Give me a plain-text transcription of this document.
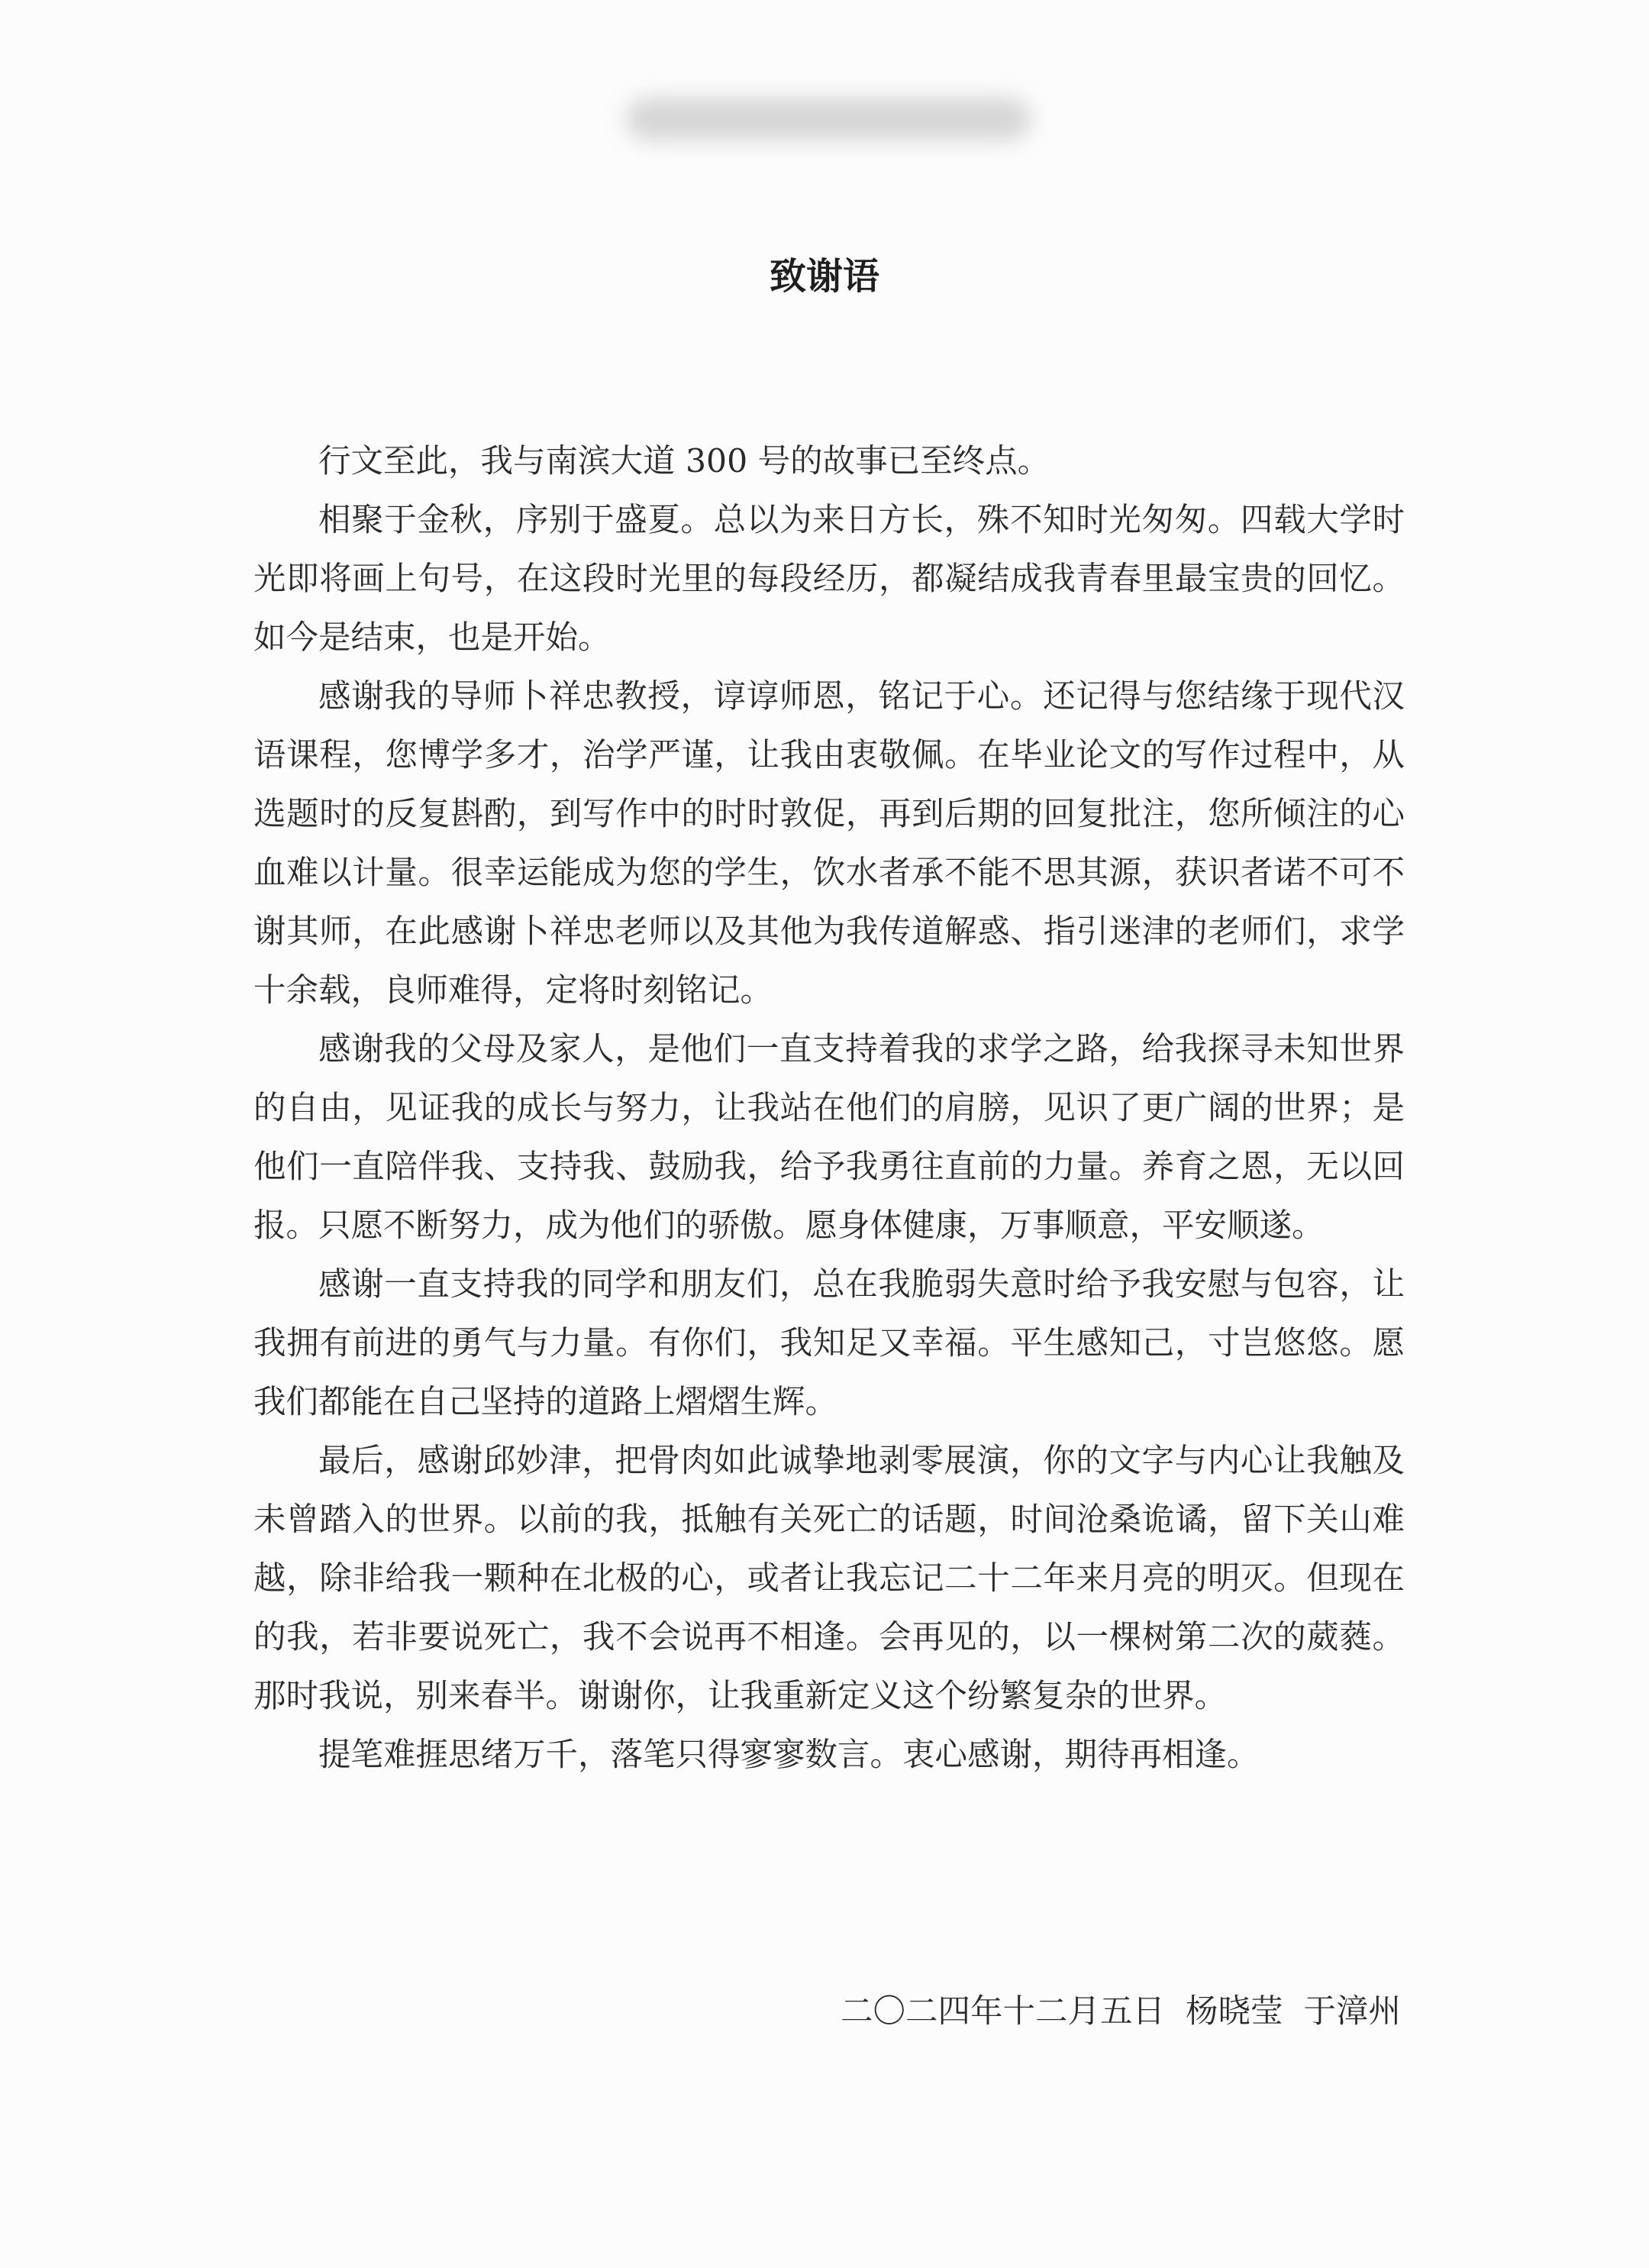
致谢语

行文至此，我与南滨大道 300 号的故事已至终点。

相聚于金秋，序别于盛夏。总以为来日方长，殊不知时光匆匆。四载大学时光即将画上句号，在这段时光里的每段经历，都凝结成我青春里最宝贵的回忆。如今是结束，也是开始。

感谢我的导师卜祥忠教授，谆谆师恩，铭记于心。还记得与您结缘于现代汉语课程，您博学多才，治学严谨，让我由衷敬佩。在毕业论文的写作过程中，从选题时的反复斟酌，到写作中的时时敦促，再到后期的回复批注，您所倾注的心血难以计量。很幸运能成为您的学生，饮水者承不能不思其源，获识者诺不可不谢其师，在此感谢卜祥忠老师以及其他为我传道解惑、指引迷津的老师们，求学十余载，良师难得，定将时刻铭记。

感谢我的父母及家人，是他们一直支持着我的求学之路，给我探寻未知世界的自由，见证我的成长与努力，让我站在他们的肩膀，见识了更广阔的世界；是他们一直陪伴我、支持我、鼓励我，给予我勇往直前的力量。养育之恩，无以回报。只愿不断努力，成为他们的骄傲。愿身体健康，万事顺意，平安顺遂。

感谢一直支持我的同学和朋友们，总在我脆弱失意时给予我安慰与包容，让我拥有前进的勇气与力量。有你们，我知足又幸福。平生感知己，寸岂悠悠。愿我们都能在自己坚持的道路上熠熠生辉。

最后，感谢邱妙津，把骨肉如此诚挚地剥零展演，你的文字与内心让我触及未曾踏入的世界。以前的我，抵触有关死亡的话题，时间沧桑诡谲，留下关山难越，除非给我一颗种在北极的心，或者让我忘记二十二年来月亮的明灭。但现在的我，若非要说死亡，我不会说再不相逢。会再见的，以一棵树第二次的葳蕤。那时我说，别来春半。谢谢你，让我重新定义这个纷繁复杂的世界。

提笔难捱思绪万千，落笔只得寥寥数言。衷心感谢，期待再相逢。

二〇二四年十二月五日  杨晓莹  于漳州
